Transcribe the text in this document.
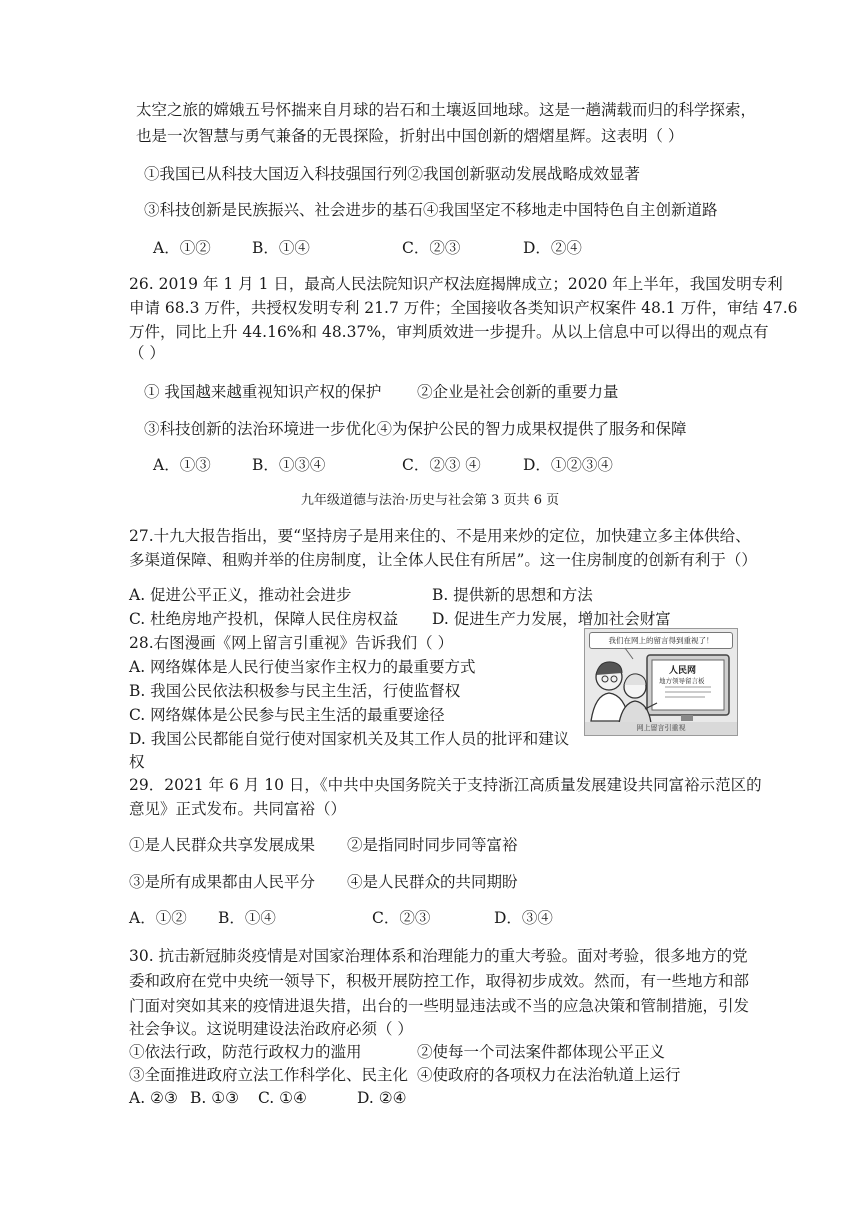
太空之旅的嫦娥五号怀揣来自月球的岩石和土壤返回地球。这是一趟满载而归的科学探索，
也是一次智慧与勇气兼备的无畏探险，折射出中国创新的熠熠星辉。这表明（ ）
①我国已从科技大国迈入科技强国行列②我国创新驱动发展战略成效显著
③科技创新是民族振兴、社会进步的基石④我国坚定不移地走中国特色自主创新道路
A．①②	B．①④	C．②③	D．②④
26. 2019 年 1 月 1 日，最高人民法院知识产权法庭揭牌成立；2020 年上半年，我国发明专利
申请 68.3 万件，共授权发明专利 21.7 万件；全国接收各类知识产权案件 48.1 万件，审结 47.6
万件，同比上升 44.16%和 48.37%，审判质效进一步提升。从以上信息中可以得出的观点有
（ ）
① 我国越来越重视知识产权的保护 ②企业是社会创新的重要力量
③科技创新的法治环境进一步优化④为保护公民的智力成果权提供了服务和保障
A．①③	B．①③④	C．②③ ④	D．①②③④
九年级道德与法治·历史与社会第 3 页共 6 页
27.十九大报告指出，要“坚持房子是用来住的、不是用来炒的定位，加快建立多主体供给、
多渠道保障、租购并举的住房制度，让全体人民住有所居”。这一住房制度的创新有利于（）
A. 促进公平正义，推动社会进步	B. 提供新的思想和方法
C. 杜绝房地产投机，保障人民住房权益 D. 促进生产力发展，增加社会财富
28.右图漫画《网上留言引重视》告诉我们（ ）
A. 网络媒体是人民行使当家作主权力的最重要方式
B. 我国公民依法积极参与民主生活，行使监督权
C. 网络媒体是公民参与民主生活的最重要途径
D. 我国公民都能自觉行使对国家机关及其工作人员的批评和建议
权
我们在网上的留言得到重视了！
人民网
地方领导留言板
网上留言引重视
29．2021 年 6 月 10 日，《中共中央国务院关于支持浙江高质量发展建设共同富裕示范区的
意见》正式发布。共同富裕（）
①是人民群众共享发展成果 ②是指同时同步同等富裕
③是所有成果都由人民平分 ④是人民群众的共同期盼
A．①② B．①④	C．②③	D．③④
30. 抗击新冠肺炎疫情是对国家治理体系和治理能力的重大考验。面对考验，很多地方的党
委和政府在党中央统一领导下，积极开展防控工作，取得初步成效。然而，有一些地方和部
门面对突如其来的疫情进退失措，出台的一些明显违法或不当的应急决策和管制措施，引发
社会争议。这说明建设法治政府必须（ ）
①依法行政，防范行政权力的滥用	②使每一个司法案件都体现公平正义
③全面推进政府立法工作科学化、民主化 ④使政府的各项权力在法治轨道上运行
A. ②③ B. ①③ C. ①④	D. ②④
